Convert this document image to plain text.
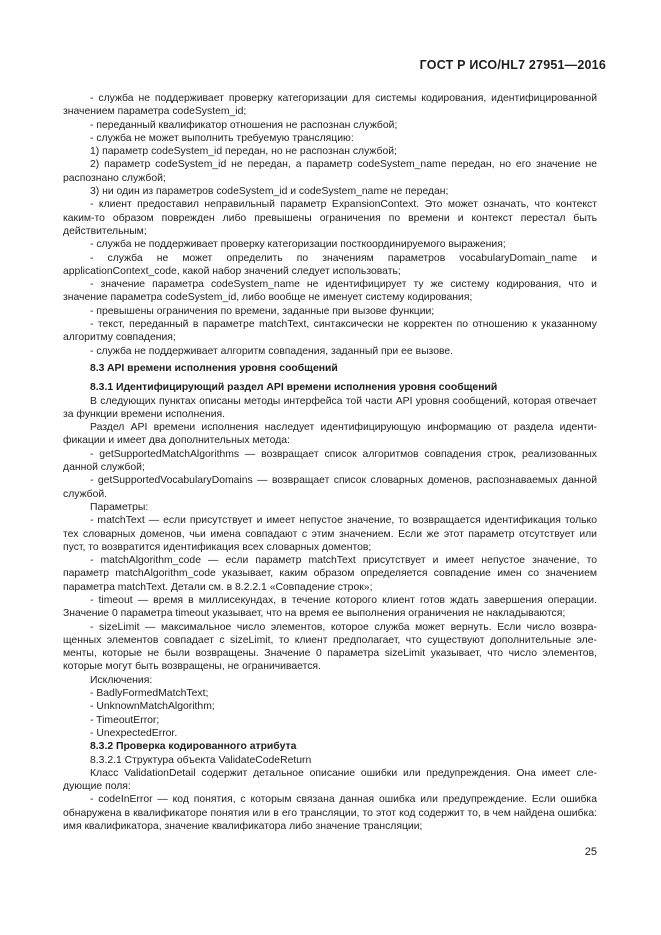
ГОСТ Р ИСО/HL7 27951—2016

- служба не поддерживает проверку категоризации для системы кодирования, идентифицированной значением параметра codeSystem_id;

- переданный квалификатор отношения не распознан службой;

- служба не может выполнить требуемую трансляцию:

1) параметр codeSystem_id передан, но не распознан службой;

2) параметр codeSystem_id не передан, а параметр codeSystem_name передан, но его значение не распознано службой;

3) ни один из параметров codeSystem_id и codeSystem_name не передан;

- клиент предоставил неправильный параметр ExpansionContext. Это может означать, что контекст каким-то образом поврежден либо превышены ограничения по времени и контекст перестал быть действительным;

- служба не поддерживает проверку категоризации посткоординируемого выражения;

- служба не может определить по значениям параметров vocabularyDomain_name и applicationContext_code, какой набор значений следует использовать;

- значение параметра codeSystem_name не идентифицирует ту же систему кодирования, что и значение параметра codeSystem_id, либо вообще не именует систему кодирования;

- превышены ограничения по времени, заданные при вызове функции;

- текст, переданный в параметре matchText, синтаксически не корректен по отношению к указанному алгоритму совпадения;

- служба не поддерживает алгоритм совпадения, заданный при ее вызове.

8.3 API времени исполнения уровня сообщений

8.3.1 Идентифицирующий раздел API времени исполнения уровня сообщений

В следующих пунктах описаны методы интерфейса той части API уровня сообщений, которая отвечает за функции времени исполнения.

Раздел API времени исполнения наследует идентифицирующую информацию от раздела идентификации и имеет два дополнительных метода:

- getSupportedMatchAlgorithms — возвращает список алгоритмов совпадения строк, реализованных данной службой;

- getSupportedVocabularyDomains — возвращает список словарных доменов, распознаваемых данной службой.

Параметры:

- matchText — если присутствует и имеет непустое значение, то возвращается идентификация только тех словарных доменов, чьи имена совпадают с этим значением. Если же этот параметр отсутствует или пуст, то возвратится идентификация всех словарных доментов;

- matchAlgorithm_code — если параметр matchText присутствует и имеет непустое значение, то параметр matchAlgorithm_code указывает, каким образом определяется совпадение имен со значением параметра matchText. Детали см. в 8.2.2.1 «Совпадение строк»;

- timeout — время в миллисекундах, в течение которого клиент готов ждать завершения операции. Значение 0 параметра timeout указывает, что на время ее выполнения ограничения не накладываются;

- sizeLimit — максимальное число элементов, которое служба может вернуть. Если число возвращенных элементов совпадает с sizeLimit, то клиент предполагает, что существуют дополнительные элементы, которые не были возвращены. Значение 0 параметра sizeLimit указывает, что число элементов, которые могут быть возвращены, не ограничивается.

Исключения:

- BadlyFormedMatchText;

- UnknownMatchAlgorithm;

- TimeoutError;

- UnexpectedError.

8.3.2 Проверка кодированного атрибута

8.3.2.1 Структура объекта ValidateCodeReturn

Класс ValidationDetail содержит детальное описание ошибки или предупреждения. Она имеет следующие поля:

- codeInError — код понятия, с которым связана данная ошибка или предупреждение. Если ошибка обнаружена в квалификаторе понятия или в его трансляции, то этот код содержит то, в чем найдена ошибка: имя квалификатора, значение квалификатора либо значение трансляции;

25
